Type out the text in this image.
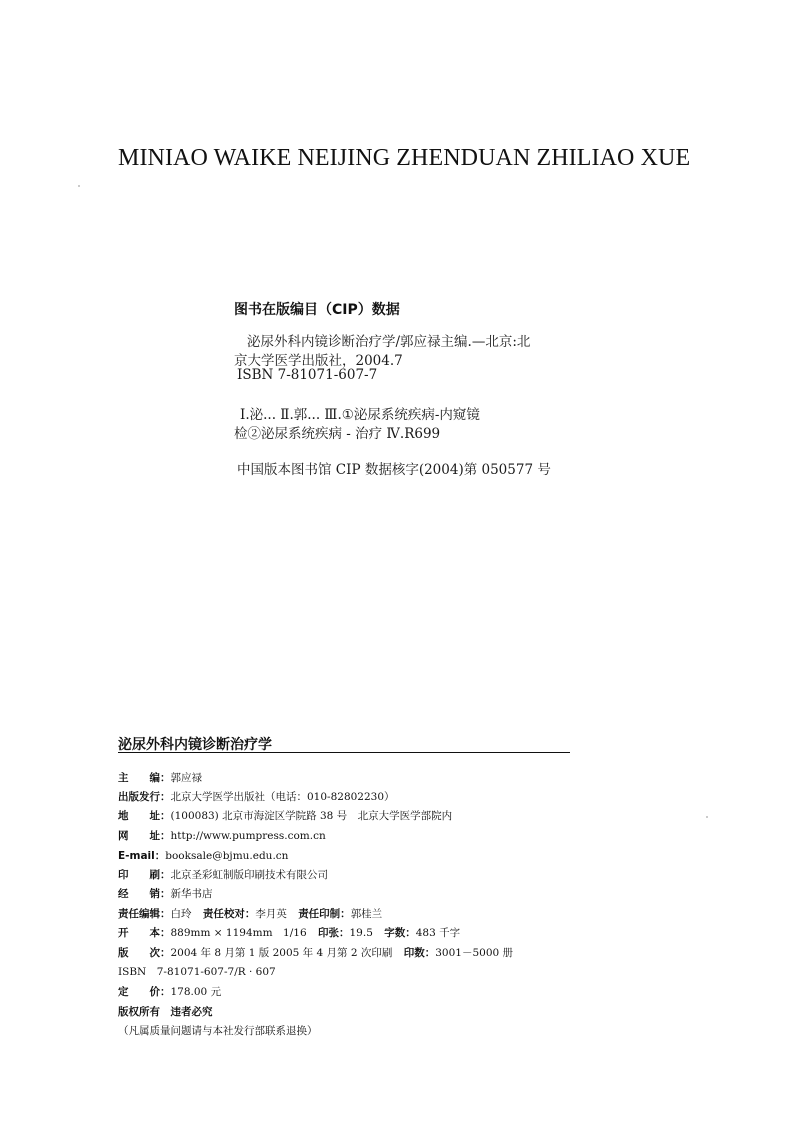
MINIAO WAIKE NEIJING ZHENDUAN ZHILIAO XUE
图书在版编目（CIP）数据
泌尿外科内镜诊断治疗学/郭应禄主编.—北京:北
京大学医学出版社，2004.7
ISBN 7-81071-607-7
Ⅰ.泌... Ⅱ.郭... Ⅲ.①泌尿系统疾病-内窥镜
检②泌尿系统疾病 - 治疗 Ⅳ.R699
中国版本图书馆 CIP 数据核字(2004)第 050577 号
泌尿外科内镜诊断治疗学
主　　编：郭应禄
出版发行：北京大学医学出版社（电话：010-82802230）
地　　址：(100083) 北京市海淀区学院路 38 号　北京大学医学部院内
网　　址：http://www.pumpress.com.cn
E-mail：booksale@bjmu.edu.cn
印　　刷：北京圣彩虹制版印刷技术有限公司
经　　销：新华书店
责任编辑：白玲 责任校对：李月英 责任印制：郭桂兰
开　　本：889mm × 1194mm　1/16 印张：19.5 字数：483 千字
版　　次：2004 年 8 月第 1 版 2005 年 4 月第 2 次印刷 印数：3001－5000 册
ISBN　7-81071-607-7/R · 607
定　　价：178.00 元
版权所有　违者必究
（凡属质量问题请与本社发行部联系退换）
